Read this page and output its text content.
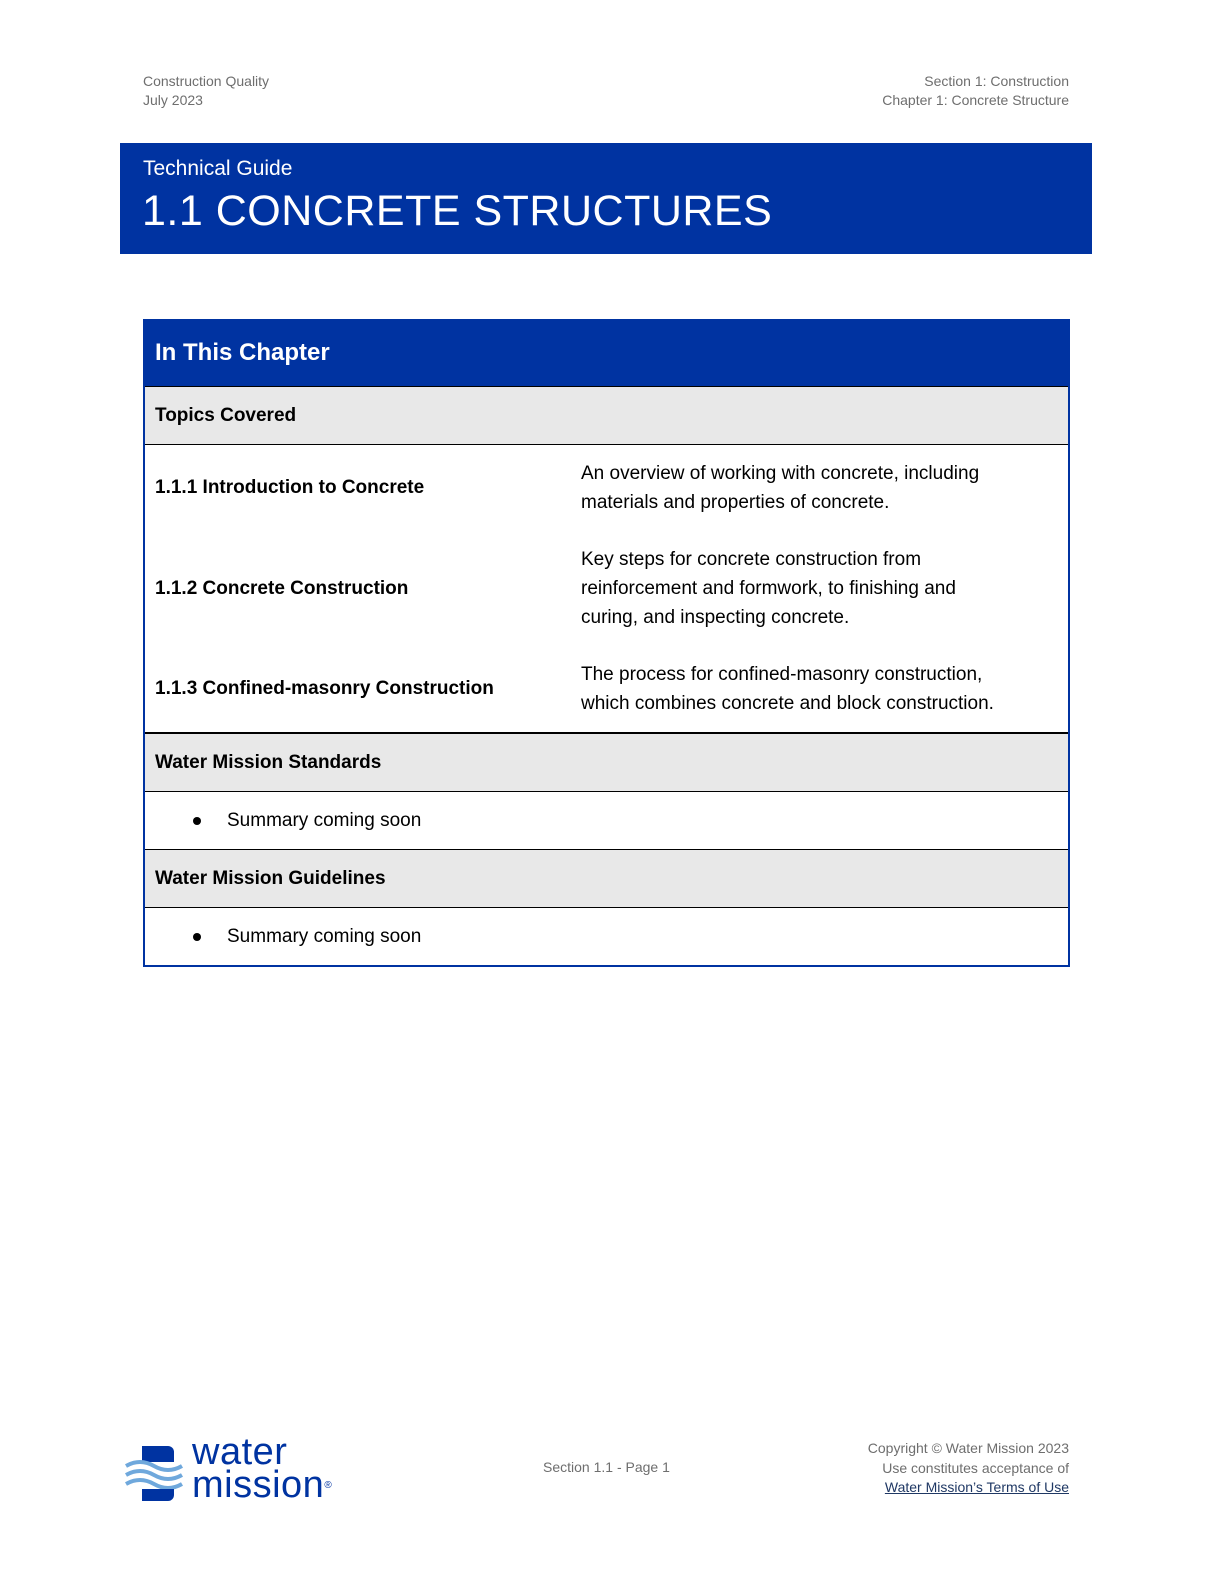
Construction Quality
July 2023
Section 1: Construction
Chapter 1: Concrete Structure
Technical Guide
1.1 CONCRETE STRUCTURES
In This Chapter
Topics Covered
1.1.1 Introduction to Concrete
An overview of working with concrete, including
materials and properties of concrete.
1.1.2 Concrete Construction
Key steps for concrete construction from
reinforcement and formwork, to finishing and
curing, and inspecting concrete.
1.1.3 Confined-masonry Construction
The process for confined-masonry construction,
which combines concrete and block construction.
Water Mission Standards
Summary coming soon
Water Mission Guidelines
Summary coming soon
water
mission®
Section 1.1 - Page 1
Copyright © Water Mission 2023
Use constitutes acceptance of
Water Mission’s Terms of Use
